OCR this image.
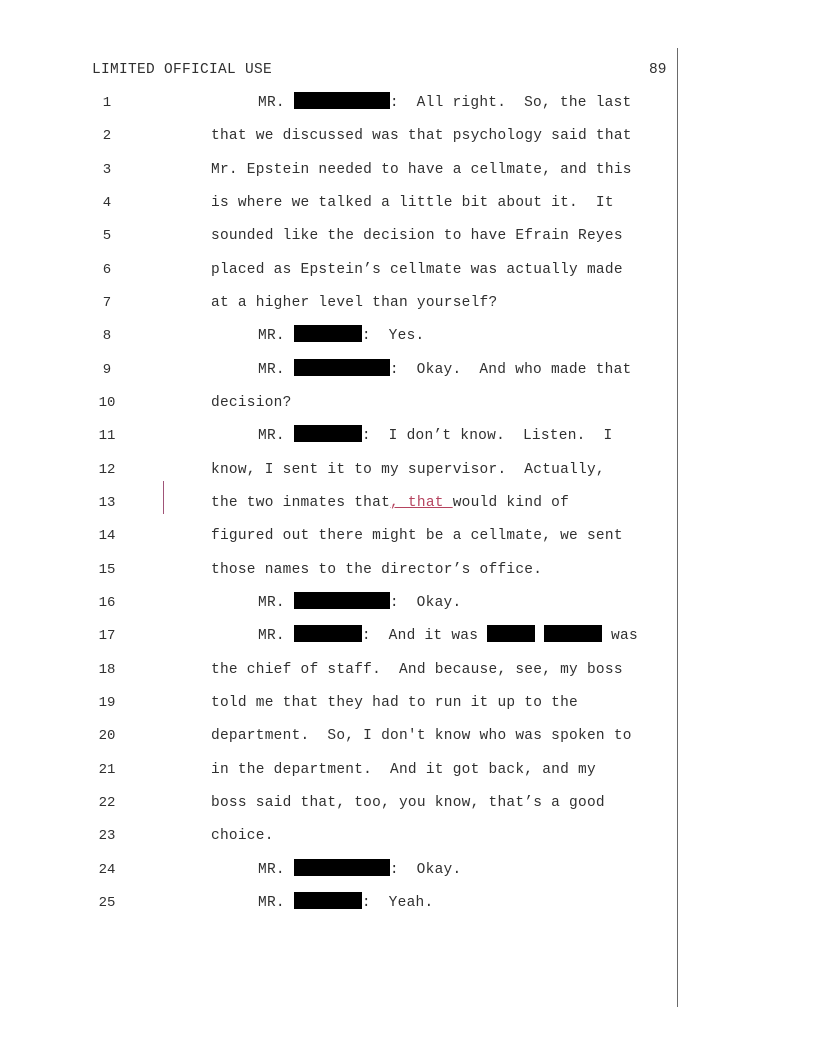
LIMITED OFFICIAL USE	89
1	MR.	:  All right.  So, the last
2	that we discussed was that psychology said that
3	Mr. Epstein needed to have a cellmate, and this
4	is where we talked a little bit about it.  It
5	sounded like the decision to have Efrain Reyes
6	placed as Epstein’s cellmate was actually made
7	at a higher level than yourself?
8	MR.	:  Yes.
9	MR.	:  Okay.  And who made that
10	decision?
11	MR.	:  I don’t know.  Listen.  I
12	know, I sent it to my supervisor.  Actually,
13	the two inmates that, that would kind of
14	figured out there might be a cellmate, we sent
15	those names to the director’s office.
16	MR.	:  Okay.
17	MR.	:  And it was	was
18	the chief of staff.  And because, see, my boss
19	told me that they had to run it up to the
20	department.  So, I don't know who was spoken to
21	in the department.  And it got back, and my
22	boss said that, too, you know, that’s a good
23	choice.
24	MR.	:  Okay.
25	MR.	:  Yeah.
